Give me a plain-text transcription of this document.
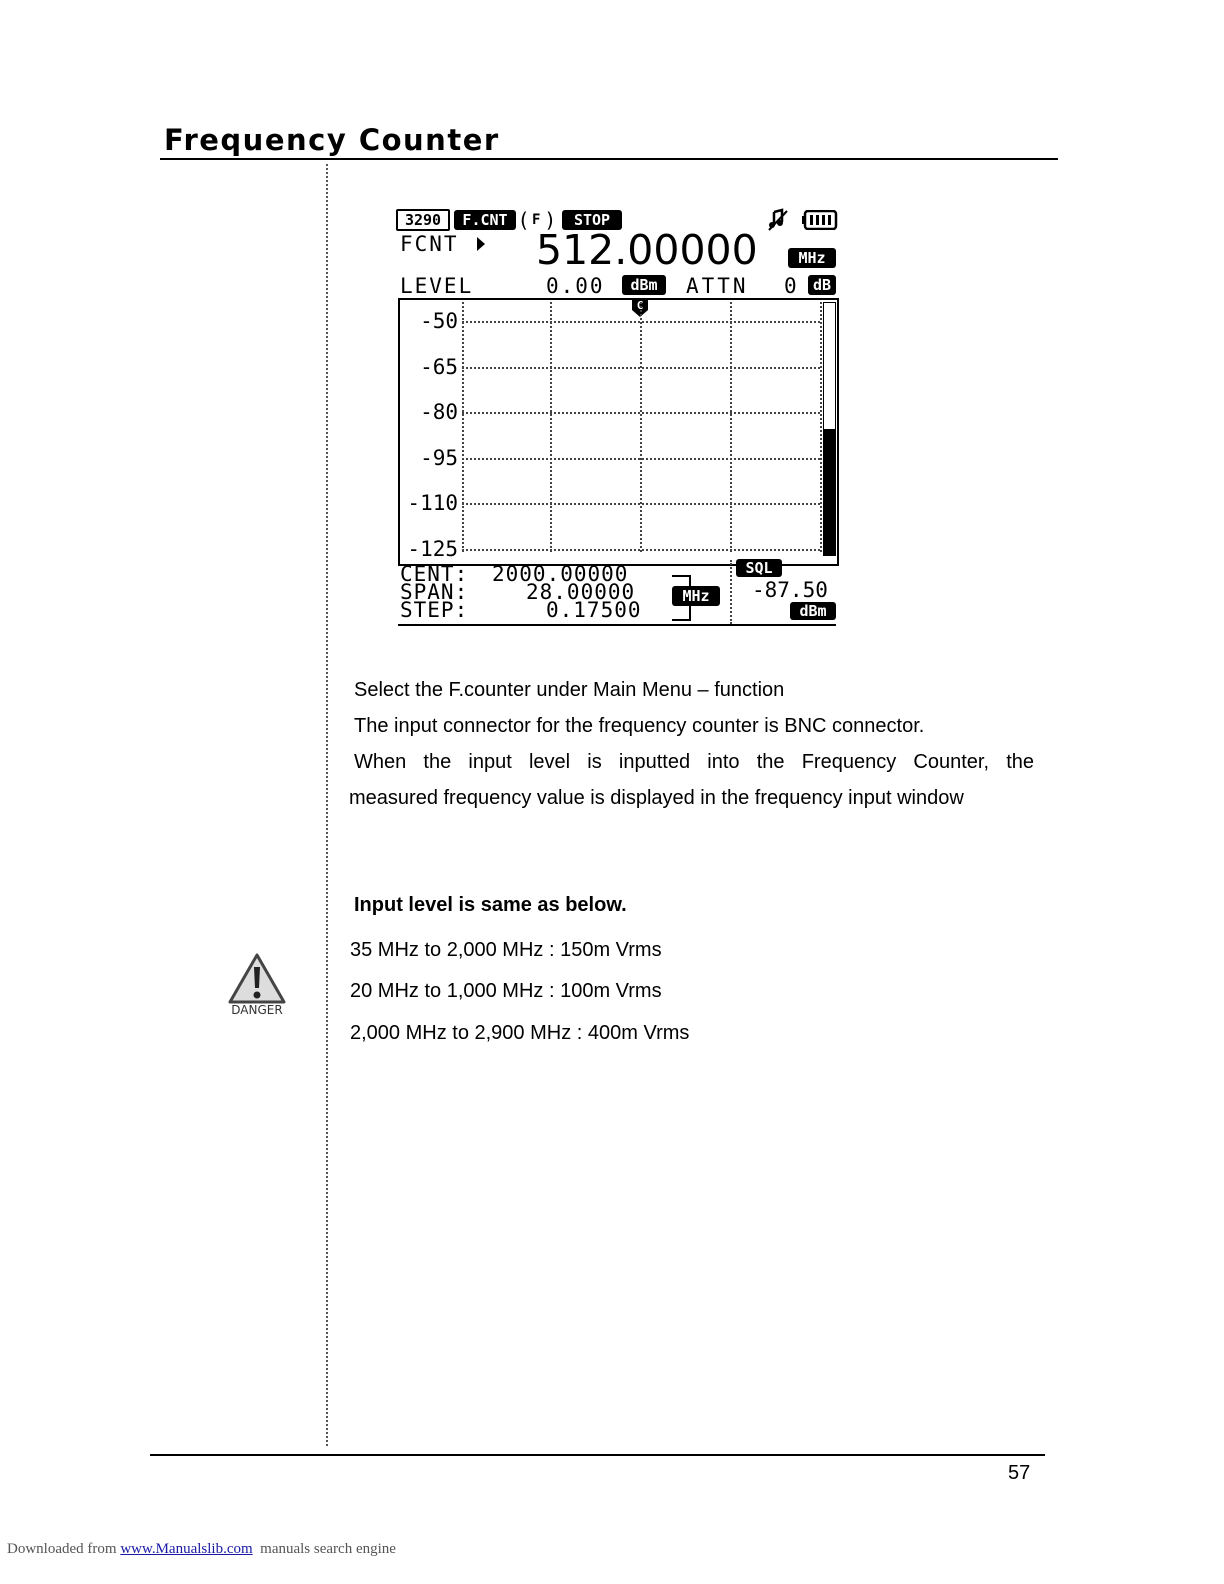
Frequency Counter
3290	F.CNT ( F )	STOP
FCNT 512.00000	MHz
LEVEL	0.00	dBm	ATTN 0	dB
C
-50
-65
-80
-95
-110
-125
CENT: 2000.00000
SPAN:	28.00000
STEP:	0.17500
MHz
SQL
-87.50
dBm

Select the F.counter under Main Menu – function

The input connector for the frequency counter is BNC connector.

When the input level is inputted into the Frequency Counter, the

measured frequency value is displayed in the frequency input window

Input level is same as below.
35 MHz to 2,000 MHz : 150m Vrms
20 MHz to 1,000 MHz : 100m Vrms
2,000 MHz to 2,900 MHz : 400m Vrms
DANGER
57
Downloaded from www.Manualslib.com manuals search engine
